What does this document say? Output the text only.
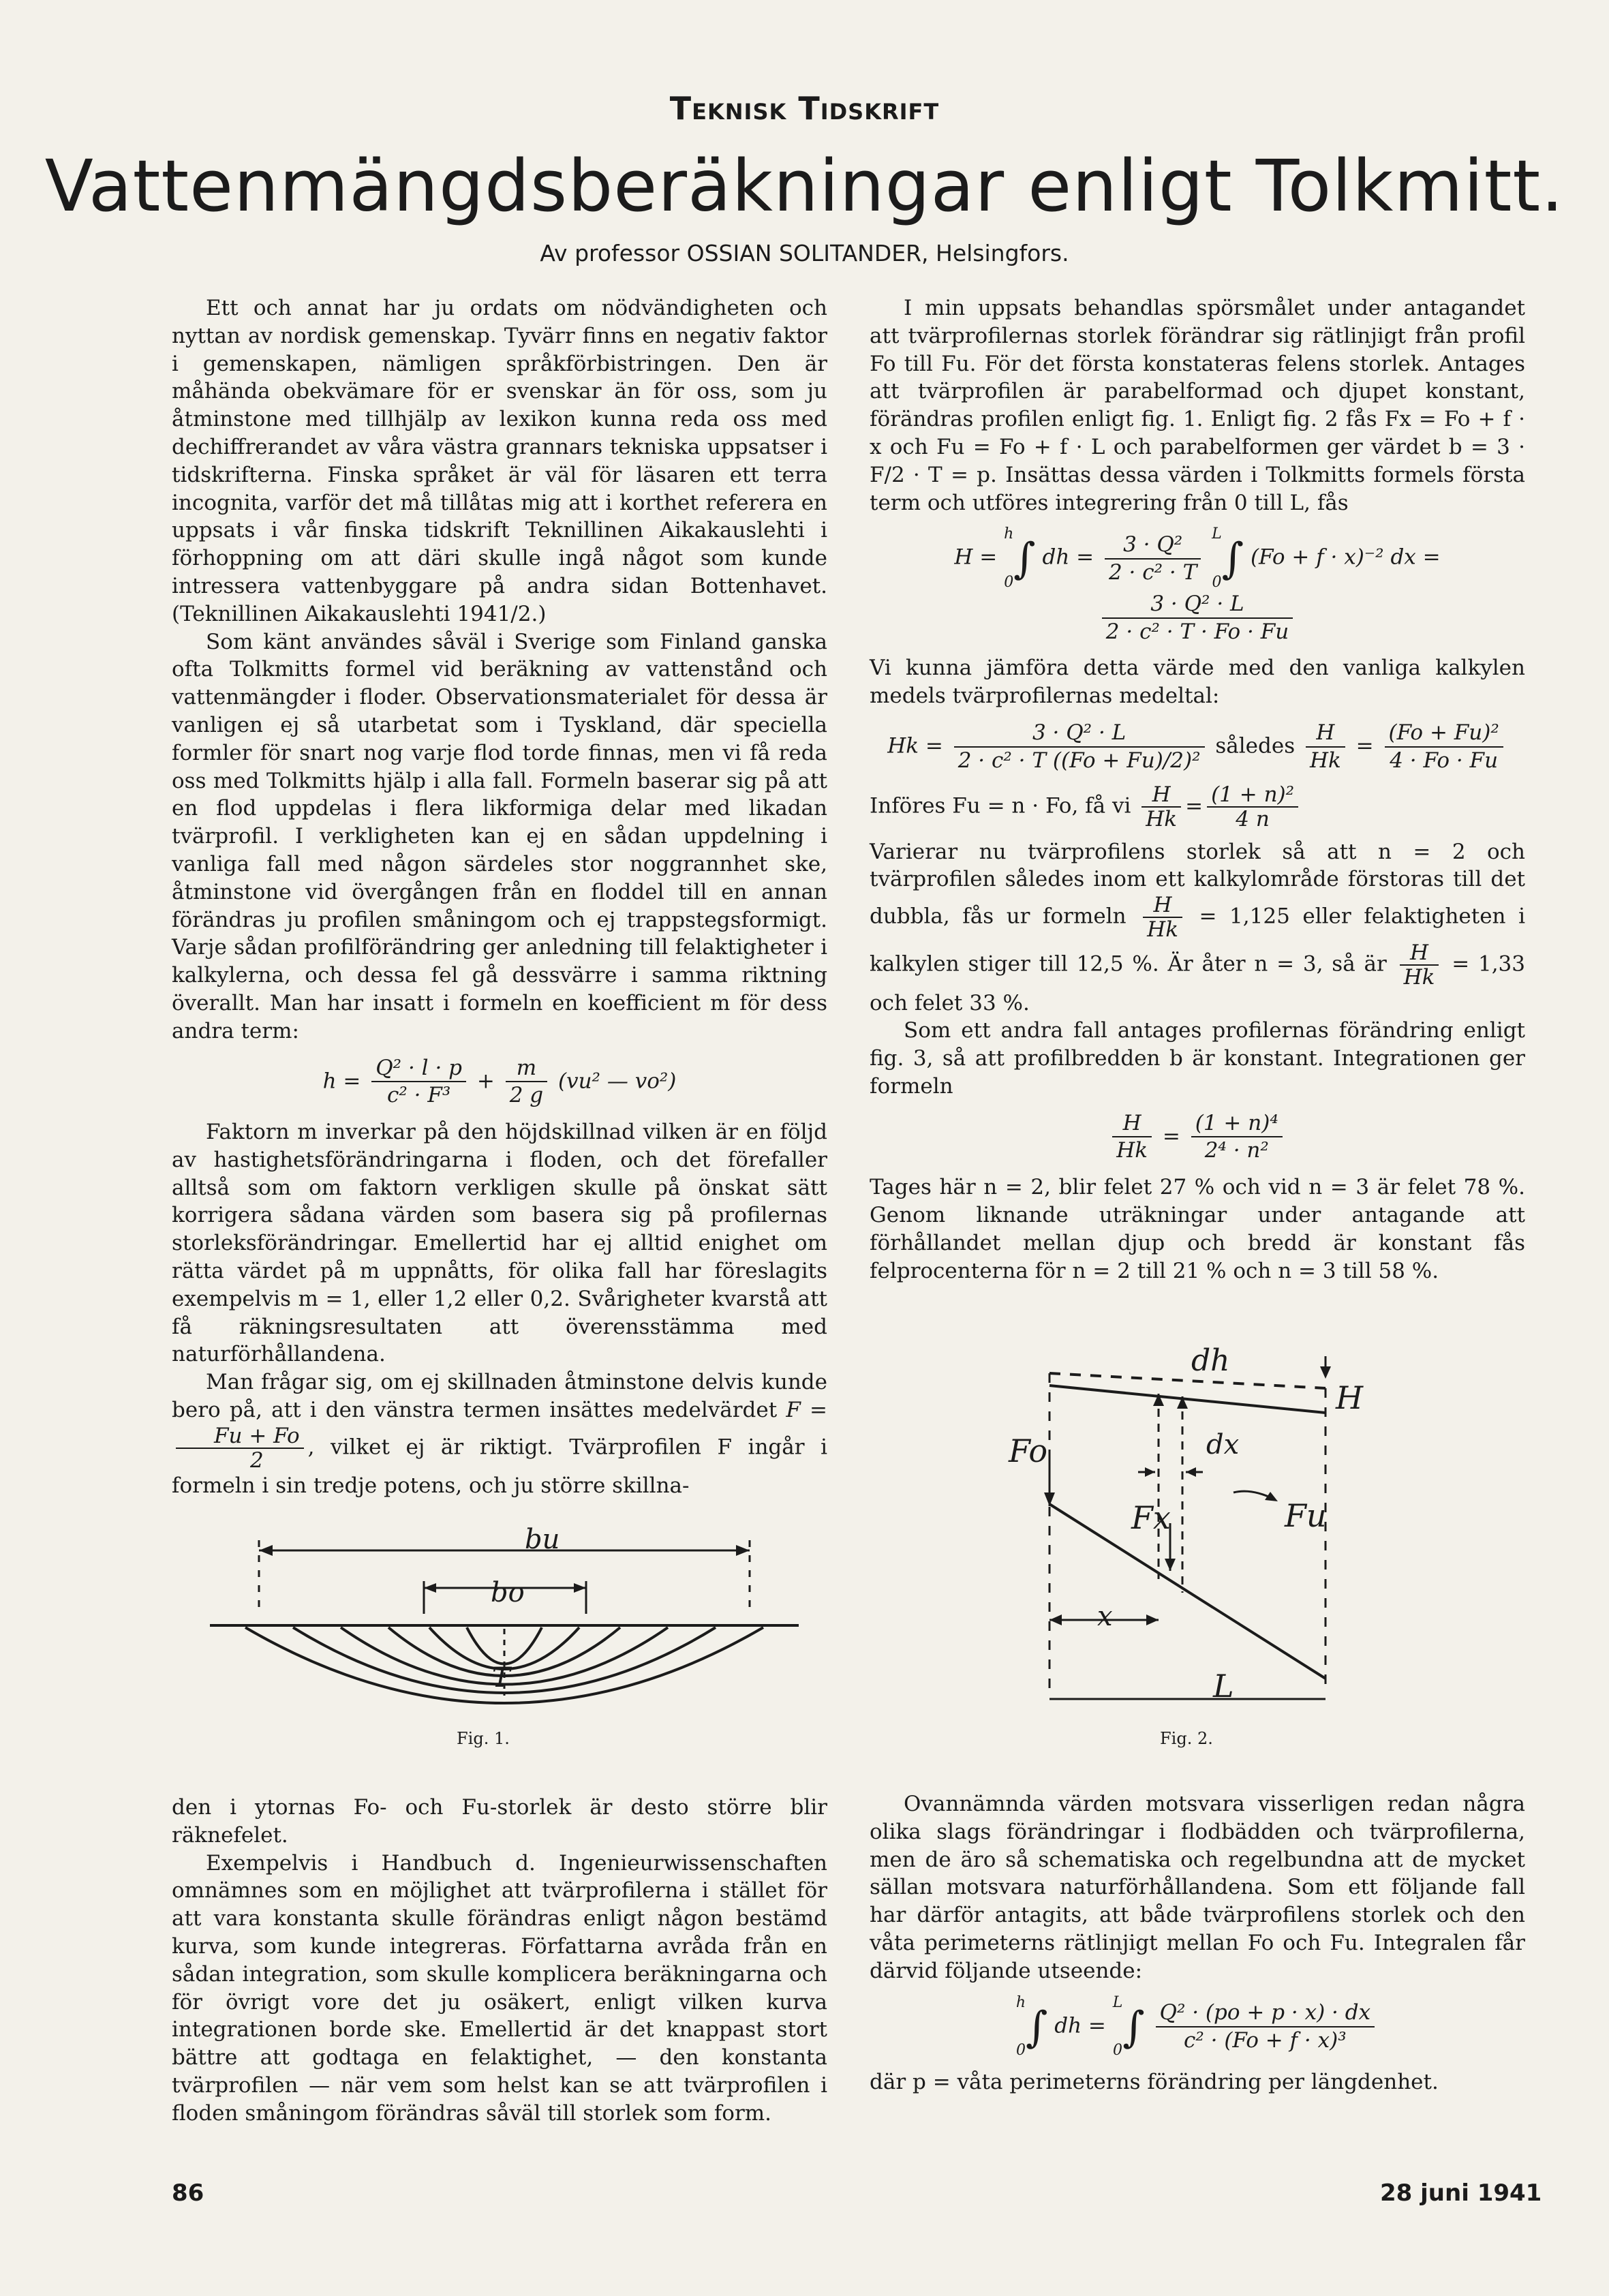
Teknisk Tidskrift
Vattenmängdsberäkningar enligt Tolkmitt.
Av professor OSSIAN SOLITANDER, Helsingfors.

Ett och annat har ju ordats om nödvändigheten och nyttan av nordisk gemenskap. Tyvärr finns en negativ faktor i gemenskapen, nämligen språkförbistringen. Den är måhända obekvämare för er svenskar än för oss, som ju åtminstone med tillhjälp av lexikon kunna reda oss med dechiffrerandet av våra västra grannars tekniska uppsatser i tidskrifterna. Finska språket är väl för läsaren ett terra incognita, varför det må tillåtas mig att i korthet referera en uppsats i vår finska tidskrift Teknillinen Aikakauslehti i förhoppning om att däri skulle ingå något som kunde intressera vattenbyggare på andra sidan Bottenhavet. (Teknillinen Aikakauslehti 1941/2.)

Som känt användes såväl i Sverige som Finland ganska ofta Tolkmitts formel vid beräkning av vattenstånd och vattenmängder i floder. Observationsmaterialet för dessa är vanligen ej så utarbetat som i Tyskland, där speciella formler för snart nog varje flod torde finnas, men vi få reda oss med Tolkmitts hjälp i alla fall. Formeln baserar sig på att en flod uppdelas i flera likformiga delar med likadan tvärprofil. I verkligheten kan ej en sådan uppdelning i vanliga fall med någon särdeles stor noggrannhet ske, åtminstone vid övergången från en floddel till en annan förändras ju profilen småningom och ej trappstegsformigt. Varje sådan profilförändring ger anledning till felaktigheter i kalkylerna, och dessa fel gå dessvärre i samma riktning överallt. Man har insatt i formeln en koefficient m för dess andra term:

$h = \frac{\text{Q² · l · p}}{\text{c² · F³}} + \frac{m}{2 g} (vu^2$ — vo²)

Faktorn m inverkar på den höjdskillnad vilken är en följd av hastighetsförändringarna i floden, och det förefaller alltså som om faktorn verkligen skulle på önskat sätt korrigera sådana värden som basera sig på profilernas storleksförändringar. Emellertid har ej alltid enighet om rätta värdet på m uppnåtts, för olika fall har föreslagits exempelvis m = 1, eller 1,2 eller 0,2. Svårigheter kvarstå att få räkningsresultaten att överensstämma med naturförhållandena.

Man frågar sig, om ej skillnaden åtminstone delvis kunde bero på, att i den vänstra termen insättes medelvärdet F =
$\frac{Fu + Fo}{2}$ , vilket ej är riktigt. Tvärprofilen F ingår i formeln i sin tredje potens, och ju större skillna-

bu
bo
T
Fig. 1.

den i ytornas Fo- och Fu-storlek är desto större blir räknefelet.

Exempelvis i Handbuch d. Ingenieurwissenschaften omnämnes som en möjlighet att tvärprofilerna i stället för att vara konstanta skulle förändras enligt någon bestämd kurva, som kunde integreras. Författarna avråda från en sådan integration, som skulle komplicera beräkningarna och för övrigt vore det ju osäkert, enligt vilken kurva integrationen borde ske. Emellertid är det knappast stort bättre att godtaga en felaktighet, — den konstanta tvärprofilen — när vem som helst kan se att tvärprofilen i floden småningom förändras såväl till storlek som form.

I min uppsats behandlas spörsmålet under antagandet att tvärprofilernas storlek förändrar sig rätlinjigt från profil Fo till Fu. För det första konstateras felens storlek. Antages att tvärprofilen är parabelformad och djupet konstant, förändras profilen enligt fig. 1. Enligt fig. 2 fås Fx = Fo + f · x och Fu = Fo + f · L och parabelformen ger värdet b = 3 · F/2 · T = p. Insättas dessa värden i Tolkmitts formels första term och utföres integrering från 0 till L, fås

H =
h
0 ∫ dh = $\frac{\text{3 · Q²}}{\text{2 · c² · T}}$
L
0 ∫ (Fo + f · x)⁻² dx =
$\frac{\text{3 · Q² · L}}{\text{2 · c² · T · Fo · Fu}}$

Vi kunna jämföra detta värde med den vanliga kalkylen medels tvärprofilernas medeltal:

$Hk = \frac{\text{3 · Q² · L}}{\text{2 · c² · T ((Fo + Fu)/2)²}}$ således $\frac{H}{Hk} = \frac{\text{(Fo + Fu)²}}{4 \cdot Fo \cdot Fu}$

Införes Fu = n · Fo, få vi $\frac{H}{Hk} = \frac{\text{(1 + n)²}}{4 n}$

Varierar nu tvärprofilens storlek så att n = 2 och tvärprofilen således inom ett kalkylområde förstoras till det dubbla, fås ur formeln $\frac{H}{Hk} = 1,125$ eller felaktigheten i kalkylen stiger till 12,5 %. Är åter n = 3, så är $\frac{H}{Hk} = 1,33$ och felet 33 %.

Som ett andra fall antages profilernas förändring enligt fig. 3, så att profilbredden b är konstant. Integrationen ger formeln

$\frac{H}{Hk} = \frac{\text{(1 + n)⁴}}{\text{2⁴ · n²}}$

Tages här n = 2, blir felet 27 % och vid n = 3 är felet 78 %. Genom liknande uträkningar under antagande att förhållandet mellan djup och bredd är konstant fås felprocenterna för n = 2 till 21 % och n = 3 till 58 %.

dh
H
Fo	dx
Fx	Fu
x
L
Fig. 2.

Ovannämnda värden motsvara visserligen redan några olika slags förändringar i flodbädden och tvärprofilerna, men de äro så schematiska och regelbundna att de mycket sällan motsvara naturförhållandena. Som ett följande fall har därför antagits, att både tvärprofilens storlek och den våta perimeterns rätlinjigt mellan Fo och Fu. Integralen får därvid följande utseende:

h
0 ∫ dh =
L
0 ∫ $\frac{\text{Q² · (po + p · x) · dx}}{\text{c² · (Fo + f · x)³}}$

där p = våta perimeterns förändring per längdenhet.

86	28 juni 1941
